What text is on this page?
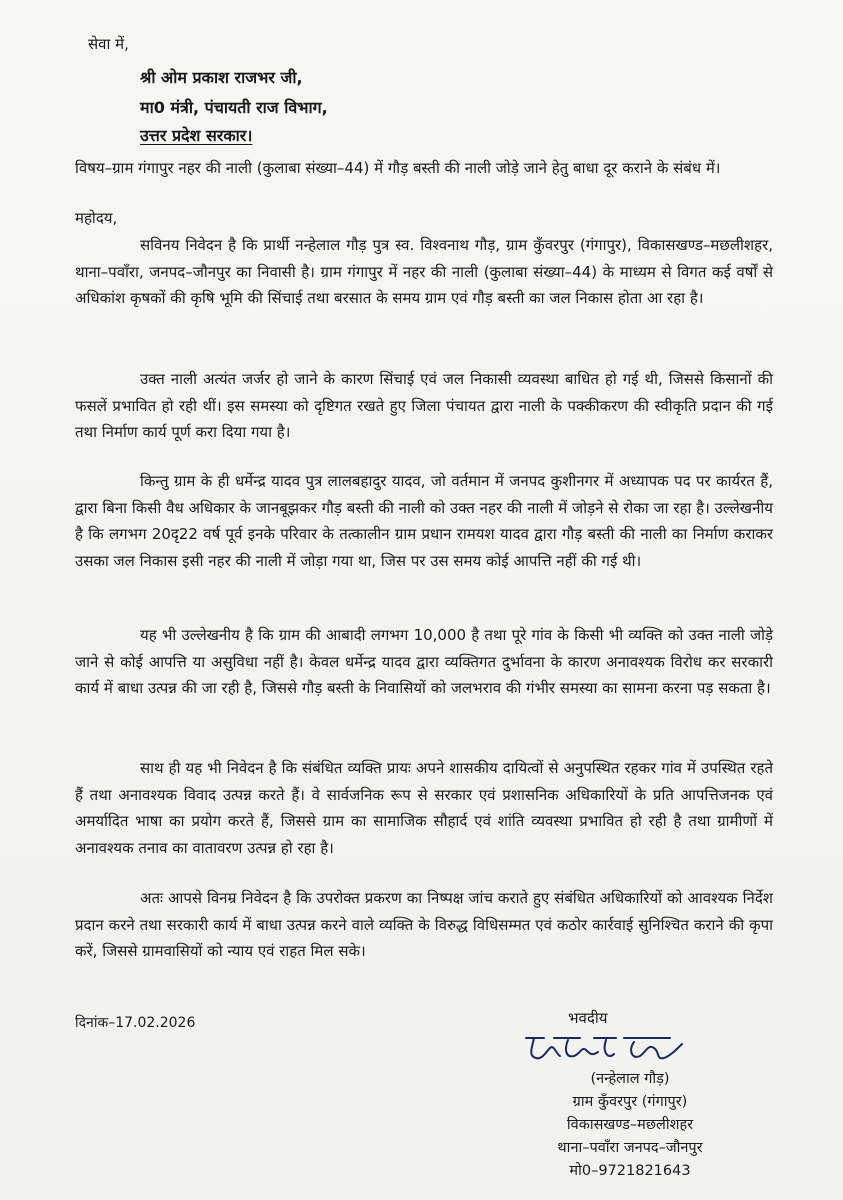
सेवा में,
श्री ओम प्रकाश राजभर जी,
मा0 मंत्री, पंचायती राज विभाग,
उत्तर प्रदेश सरकार।
विषय–ग्राम गंगापुर नहर की नाली (कुलाबा संख्या–44) में गौड़ बस्ती की नाली जोड़े जाने हेतु बाधा दूर कराने के संबंध में।
महोदय,
सविनय निवेदन है कि प्रार्थी नन्हेलाल गौड़ पुत्र स्व. विश्वनाथ गौड़, ग्राम कुँवरपुर (गंगापुर), विकासखण्ड–मछलीशहर, थाना–पवाँरा, जनपद–जौनपुर का निवासी है। ग्राम गंगापुर में नहर की नाली (कुलाबा संख्या–44) के माध्यम से विगत कई वर्षों से अधिकांश कृषकों की कृषि भूमि की सिंचाई तथा बरसात के समय ग्राम एवं गौड़ बस्ती का जल निकास होता आ रहा है।
उक्त नाली अत्यंत जर्जर हो जाने के कारण सिंचाई एवं जल निकासी व्यवस्था बाधित हो गई थी, जिससे किसानों की फसलें प्रभावित हो रही थीं। इस समस्या को दृष्टिगत रखते हुए जिला पंचायत द्वारा नाली के पक्कीकरण की स्वीकृति प्रदान की गई तथा निर्माण कार्य पूर्ण करा दिया गया है।
किन्तु ग्राम के ही धर्मेन्द्र यादव पुत्र लालबहादुर यादव, जो वर्तमान में जनपद कुशीनगर में अध्यापक पद पर कार्यरत हैं, द्वारा बिना किसी वैध अधिकार के जानबूझकर गौड़ बस्ती की नाली को उक्त नहर की नाली में जोड़ने से रोका जा रहा है। उल्लेखनीय है कि लगभग 20दृ22 वर्ष पूर्व इनके परिवार के तत्कालीन ग्राम प्रधान रामयश यादव द्वारा गौड़ बस्ती की नाली का निर्माण कराकर उसका जल निकास इसी नहर की नाली में जोड़ा गया था, जिस पर उस समय कोई आपत्ति नहीं की गई थी।
यह भी उल्लेखनीय है कि ग्राम की आबादी लगभग 10,000 है तथा पूरे गांव के किसी भी व्यक्ति को उक्त नाली जोड़े जाने से कोई आपत्ति या असुविधा नहीं है। केवल धर्मेन्द्र यादव द्वारा व्यक्तिगत दुर्भावना के कारण अनावश्यक विरोध कर सरकारी कार्य में बाधा उत्पन्न की जा रही है, जिससे गौड़ बस्ती के निवासियों को जलभराव की गंभीर समस्या का सामना करना पड़ सकता है।
साथ ही यह भी निवेदन है कि संबंधित व्यक्ति प्रायः अपने शासकीय दायित्वों से अनुपस्थित रहकर गांव में उपस्थित रहते हैं तथा अनावश्यक विवाद उत्पन्न करते हैं। वे सार्वजनिक रूप से सरकार एवं प्रशासनिक अधिकारियों के प्रति आपत्तिजनक एवं अमर्यादित भाषा का प्रयोग करते हैं, जिससे ग्राम का सामाजिक सौहार्द एवं शांति व्यवस्था प्रभावित हो रही है तथा ग्रामीणों में अनावश्यक तनाव का वातावरण उत्पन्न हो रहा है।
अतः आपसे विनम्र निवेदन है कि उपरोक्त प्रकरण का निष्पक्ष जांच कराते हुए संबंधित अधिकारियों को आवश्यक निर्देश प्रदान करने तथा सरकारी कार्य में बाधा उत्पन्न करने वाले व्यक्ति के विरुद्ध विधिसम्मत एवं कठोर कार्रवाई सुनिश्चित कराने की कृपा करें, जिससे ग्रामवासियों को न्याय एवं राहत मिल सके।
दिनांक–17.02.2026	भवदीय
(नन्हेलाल गौड़)
ग्राम कुँवरपुर (गंगापुर)
विकासखण्ड–मछलीशहर
थाना–पवाँरा जनपद–जौनपुर
मो0–9721821643
